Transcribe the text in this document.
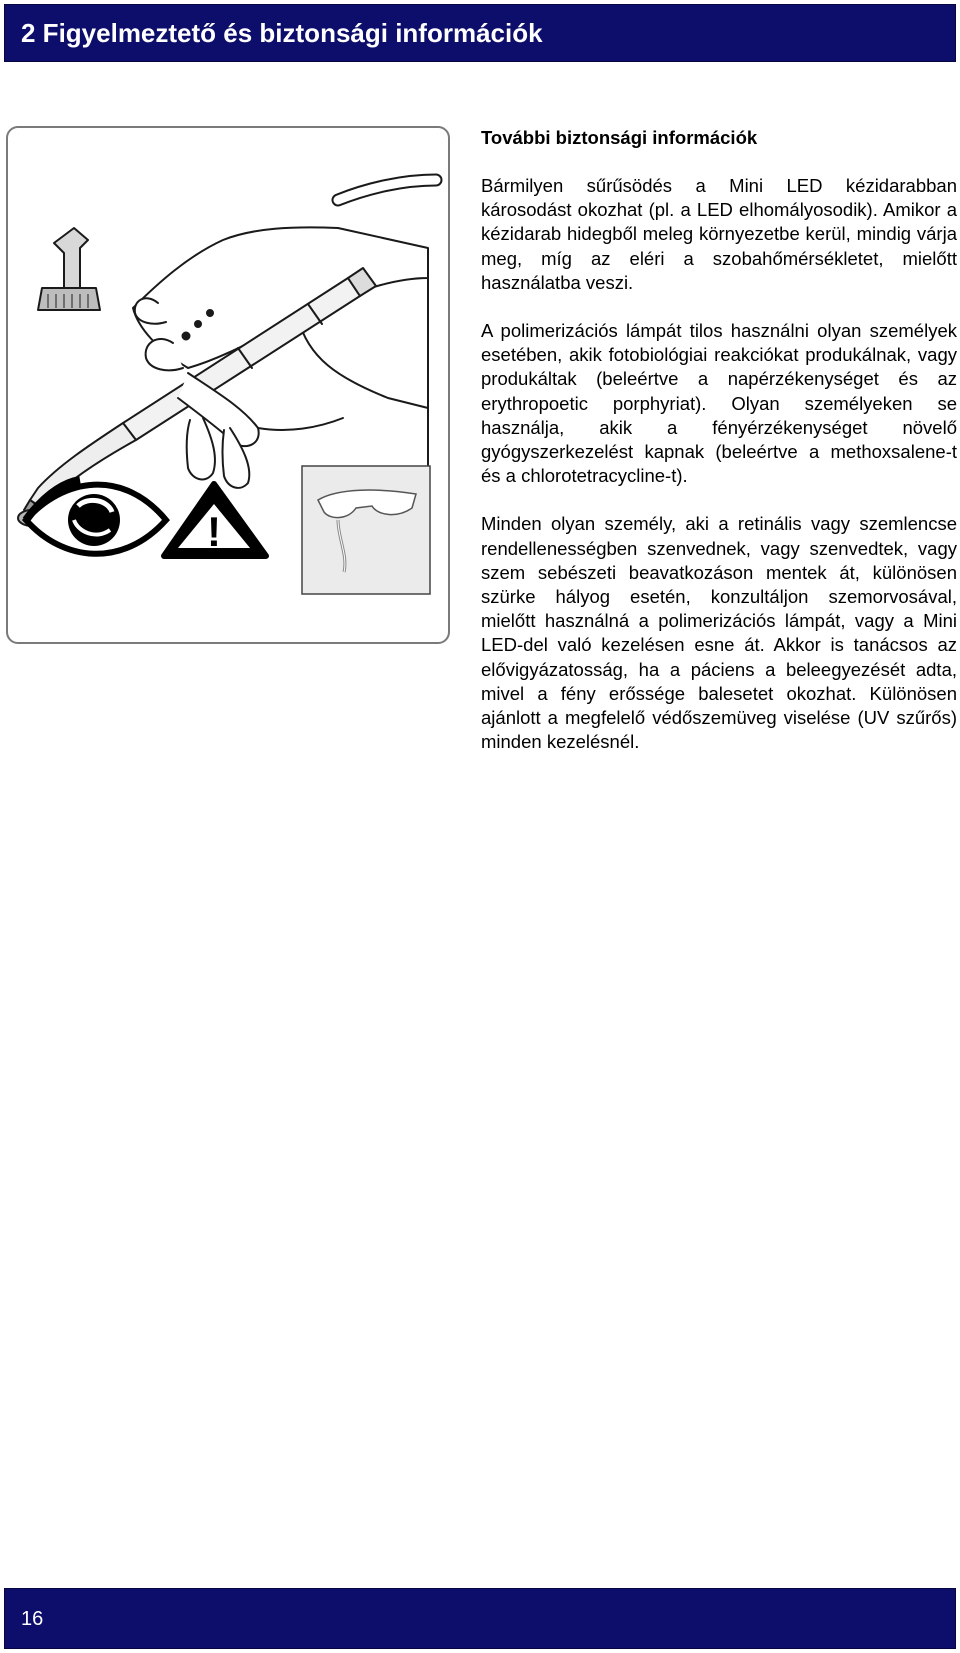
2 Figyelmeztető és biztonsági információk
!
További biztonsági információk

Bármilyen sűrűsödés a Mini LED kézidarabban károsodást okozhat (pl. a LED elhomályosodik). Amikor a kézidarab hidegből meleg környezetbe kerül, mindig várja meg, míg az eléri a szobahőmérsékletet, mielőtt használatba veszi.

A polimerizációs lámpát tilos használni olyan személyek esetében, akik fotobiológiai reakciókat produkálnak, vagy produkáltak (beleértve a napérzékenységet és az erythropoetic porphyriat). Olyan személyeken se használja, akik a fényérzékenységet növelő gyógyszerkezelést kapnak (beleértve a methoxsalene-t és a chlorotetracycline-t).

Minden olyan személy, aki a retinális vagy szemlencse rendellenességben szenvednek, vagy szenvedtek, vagy szem sebészeti beavatkozáson mentek át, különösen szürke hályog esetén, konzultáljon szemorvosával, mielőtt használná a polimerizációs lámpát, vagy a Mini LED-del való kezelésen esne át. Akkor is tanácsos az elővigyázatosság, ha a páciens a beleegyezését adta, mivel a fény erőssége balesetet okozhat. Különösen ajánlott a megfelelő védőszemüveg viselése (UV szűrős) minden kezelésnél.

16
